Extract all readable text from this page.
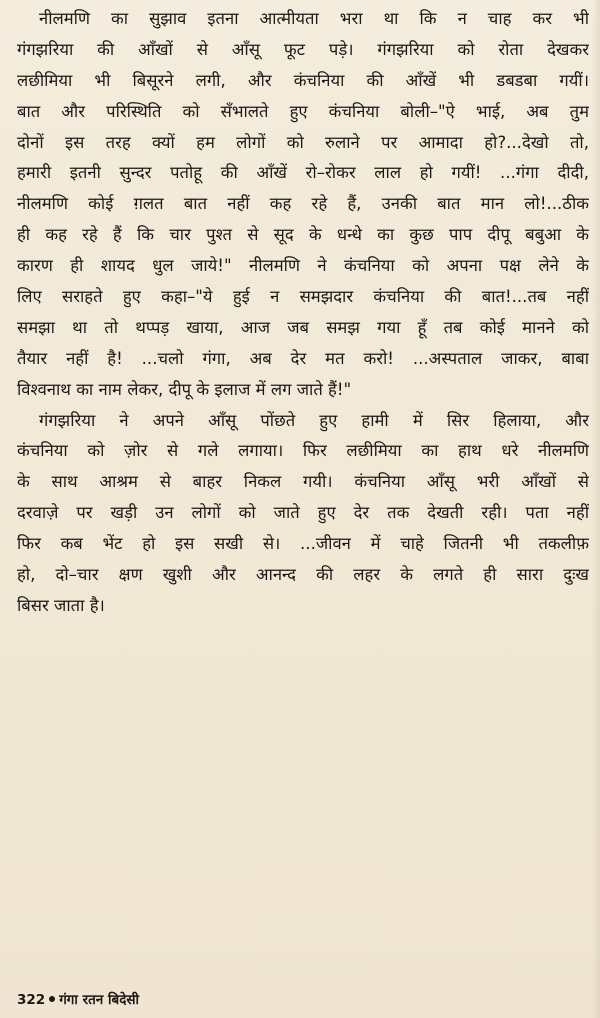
नीलमणि का सुझाव इतना आत्मीयता भरा था कि न चाह कर भी
गंगझरिया की आँखों से आँसू फूट पड़े। गंगझरिया को रोता देखकर
लछीमिया भी बिसूरने लगी, और कंचनिया की आँखें भी डबडबा गयीं।
बात और परिस्थिति को सँभालते हुए कंचनिया बोली–"ऐ भाई, अब तुम
दोनों इस तरह क्यों हम लोगों को रुलाने पर आमादा हो?...देखो तो,
हमारी इतनी सुन्दर पतोहू की आँखें रो–रोकर लाल हो गयीं! ...गंगा दीदी,
नीलमणि कोई ग़लत बात नहीं कह रहे हैं, उनकी बात मान लो!...ठीक
ही कह रहे हैं कि चार पुश्त से सूद के धन्धे का कुछ पाप दीपू बबुआ के
कारण ही शायद धुल जाये!" नीलमणि ने कंचनिया को अपना पक्ष लेने के
लिए सराहते हुए कहा–"ये हुई न समझदार कंचनिया की बात!...तब नहीं
समझा था तो थप्पड़ खाया, आज जब समझ गया हूँ तब कोई मानने को
तैयार नहीं है! ...चलो गंगा, अब देर मत करो! ...अस्पताल जाकर, बाबा
विश्वनाथ का नाम लेकर, दीपू के इलाज में लग जाते हैं!"
गंगझरिया ने अपने आँसू पोंछते हुए हामी में सिर हिलाया, और
कंचनिया को ज़ोर से गले लगाया। फिर लछीमिया का हाथ धरे नीलमणि
के साथ आश्रम से बाहर निकल गयी। कंचनिया आँसू भरी आँखों से
दरवाज़े पर खड़ी उन लोगों को जाते हुए देर तक देखती रही। पता नहीं
फिर कब भेंट हो इस सखी से। ...जीवन में चाहे जितनी भी तकलीफ़
हो, दो–चार क्षण खुशी और आनन्द की लहर के लगते ही सारा दुःख
बिसर जाता है।
322 गंगा रतन बिदेसी
